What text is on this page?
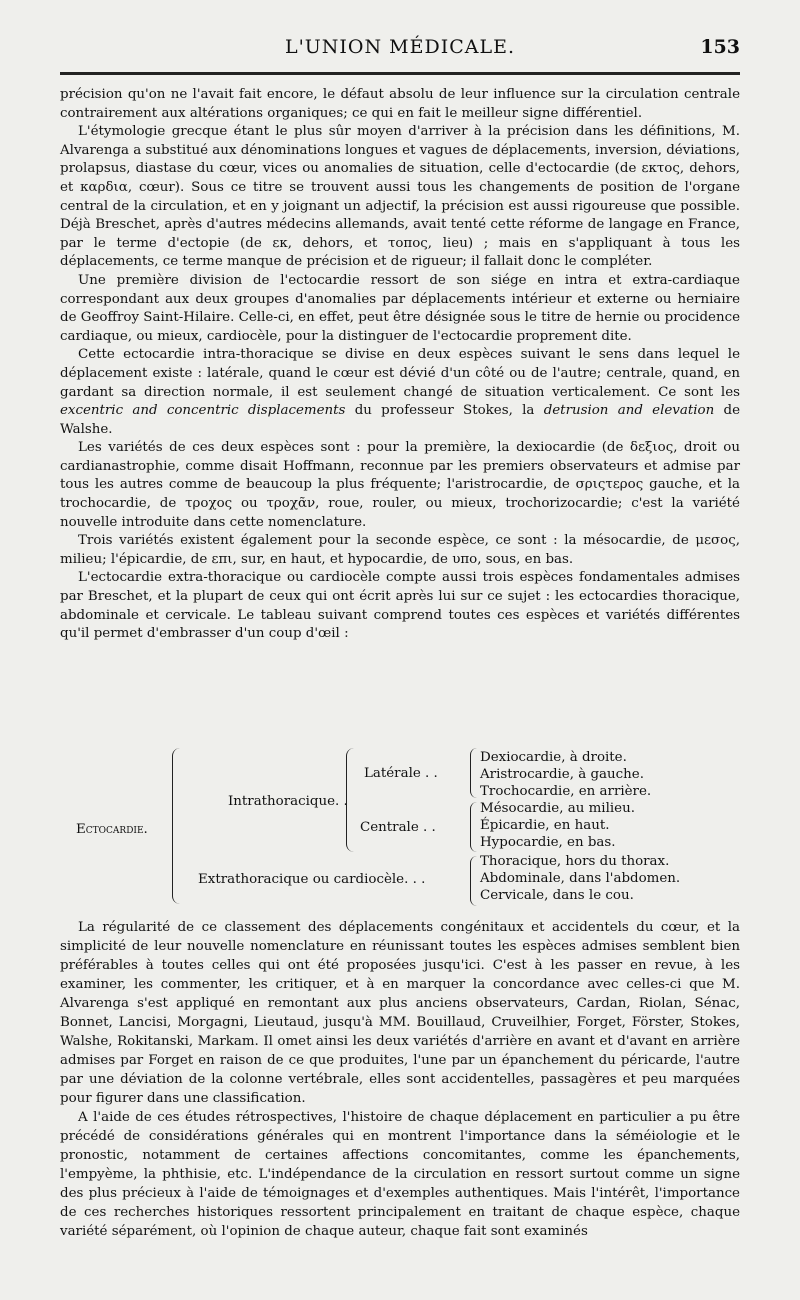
L'UNION MÉDICALE.	153

précision qu'on ne l'avait fait encore, le défaut absolu de leur influence sur la circulation centrale contrairement aux altérations organiques; ce qui en fait le meilleur signe différentiel.

L'étymologie grecque étant le plus sûr moyen d'arriver à la précision dans les définitions, M. Alvarenga a substitué aux dénominations longues et vagues de déplacements, inversion, déviations, prolapsus, diastase du cœur, vices ou anomalies de situation, celle d'ectocardie (de εκτος, dehors, et καρδια, cœur). Sous ce titre se trouvent aussi tous les changements de position de l'organe central de la circulation, et en y joignant un adjectif, la précision est aussi rigoureuse que possible. Déjà Breschet, après d'autres médecins allemands, avait tenté cette réforme de langage en France, par le terme d'ectopie (de εκ, dehors, et τοπος, lieu) ; mais en s'appliquant à tous les déplacements, ce terme manque de précision et de rigueur; il fallait donc le compléter.

Une première division de l'ectocardie ressort de son siége en intra et extra-cardiaque correspondant aux deux groupes d'anomalies par déplacements intérieur et externe ou herniaire de Geoffroy Saint-Hilaire. Celle-ci, en effet, peut être désignée sous le titre de hernie ou procidence cardiaque, ou mieux, cardiocèle, pour la distinguer de l'ectocardie proprement dite.

Cette ectocardie intra-thoracique se divise en deux espèces suivant le sens dans lequel le déplacement existe : latérale, quand le cœur est dévié d'un côté ou de l'autre; centrale, quand, en gardant sa direction normale, il est seulement changé de situation verticalement. Ce sont les excentric and concentric displacements du professeur Stokes, la detrusion and elevation de Walshe.

Les variétés de ces deux espèces sont : pour la première, la dexiocardie (de δεξιος, droit ou cardianastrophie, comme disait Hoffmann, reconnue par les premiers observateurs et admise par tous les autres comme de beaucoup la plus fréquente; l'aristrocardie, de σριςτερος gauche, et la trochocardie, de τροχος ou τροχᾶν, roue, rouler, ou mieux, trochorizocardie; c'est la variété nouvelle introduite dans cette nomenclature.

Trois variétés existent également pour la seconde espèce, ce sont : la mésocardie, de μεσος, milieu; l'épicardie, de επι, sur, en haut, et hypocardie, de υπο, sous, en bas.

L'ectocardie extra-thoracique ou cardiocèle compte aussi trois espèces fondamentales admises par Breschet, et la plupart de ceux qui ont écrit après lui sur ce sujet : les ectocardies thoracique, abdominale et cervicale. Le tableau suivant comprend toutes ces espèces et variétés différentes qu'il permet d'embrasser d'un coup d'œil :

Ectocardie.
Intrathoracique. .
Latérale . .
Centrale . .
Dexiocardie, à droite.
Aristrocardie, à gauche.
Trochocardie, en arrière.
Mésocardie, au milieu.
Épicardie, en haut.
Hypocardie, en bas.
Extrathoracique ou cardiocèle. . .
Thoracique, hors du thorax.
Abdominale, dans l'abdomen.
Cervicale, dans le cou.

La régularité de ce classement des déplacements congénitaux et accidentels du cœur, et la simplicité de leur nouvelle nomenclature en réunissant toutes les espèces admises semblent bien préférables à toutes celles qui ont été proposées jusqu'ici. C'est à les passer en revue, à les examiner, les commenter, les critiquer, et à en marquer la concordance avec celles-ci que M. Alvarenga s'est appliqué en remontant aux plus anciens observateurs, Cardan, Riolan, Sénac, Bonnet, Lancisi, Morgagni, Lieutaud, jusqu'à MM. Bouillaud, Cruveilhier, Forget, Förster, Stokes, Walshe, Rokitanski, Markam. Il omet ainsi les deux variétés d'arrière en avant et d'avant en arrière admises par Forget en raison de ce que produites, l'une par un épanchement du péricarde, l'autre par une déviation de la colonne vertébrale, elles sont accidentelles, passagères et peu marquées pour figurer dans une classification.

A l'aide de ces études rétrospectives, l'histoire de chaque déplacement en particulier a pu être précédé de considérations générales qui en montrent l'importance dans la séméiologie et le pronostic, notamment de certaines affections concomitantes, comme les épanchements, l'empyème, la phthisie, etc. L'indépendance de la circulation en ressort surtout comme un signe des plus précieux à l'aide de témoignages et d'exemples authentiques. Mais l'intérêt, l'importance de ces recherches historiques ressortent principalement en traitant de chaque espèce, chaque variété séparément, où l'opinion de chaque auteur, chaque fait sont examinés
